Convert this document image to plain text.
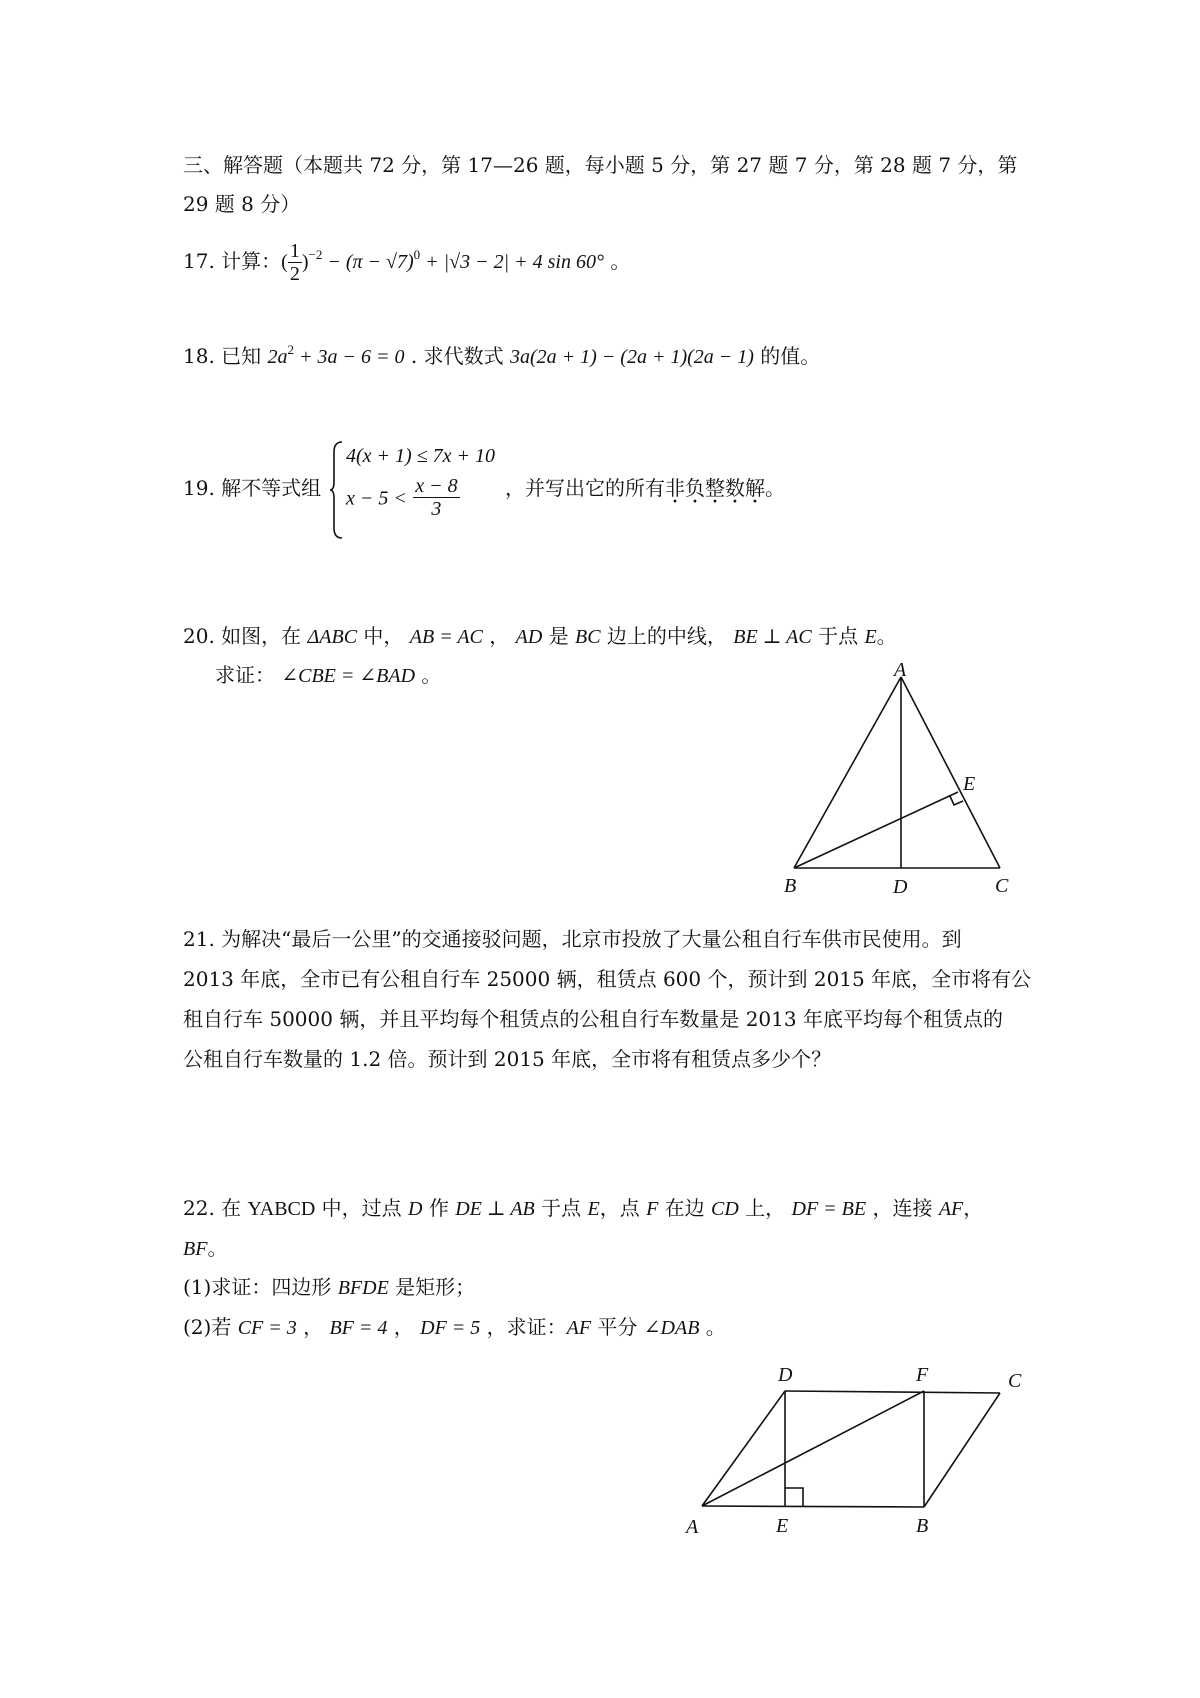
三、解答题（本题共 72 分，第 17—26 题，每小题 5 分，第 27 题 7 分，第 28 题 7 分，第
29 题 8 分）
17. 计算：( $\frac{1}{2} )^{-2} - (\pi - √7)^0 + |√3 - 2| + 4$ sin 60° 。
18. 已知 $2a^2 + 3a - 6 = 0$ . 求代数式 3a(2a + 1) − (2a + 1)(2a − 1) 的值。
19. 解不等式组
4(x + 1) ≤ 7x + 10
$x - 5 < \frac{x - 8}{3}$ ，并写出它的所有非负整数解。
20. 如图，在 ΔABC 中， AB = AC ， AD 是 BC 边上的中线， BE ⊥ AC 于点 E。
求证： ∠CBE = ∠BAD 。	A
B	C
D
E
21. 为解决“最后一公里”的交通接驳问题，北京市投放了大量公租自行车供市民使用。到
2013 年底，全市已有公租自行车 25000 辆，租赁点 600 个，预计到 2015 年底，全市将有公
租自行车 50000 辆，并且平均每个租赁点的公租自行车数量是 2013 年底平均每个租赁点的
公租自行车数量的 1.2 倍。预计到 2015 年底，全市将有租赁点多少个？
22. 在 YABCD 中，过点 D 作 DE ⊥ AB 于点 E，点 F 在边 CD 上， DF = BE ，连接 AF，
BF。
(1)求证：四边形 BFDE 是矩形；
(2)若 CF = 3 ， BF = 4 ， DF = 5 ，求证：AF 平分 ∠DAB 。
D	F	C
A	E	B
